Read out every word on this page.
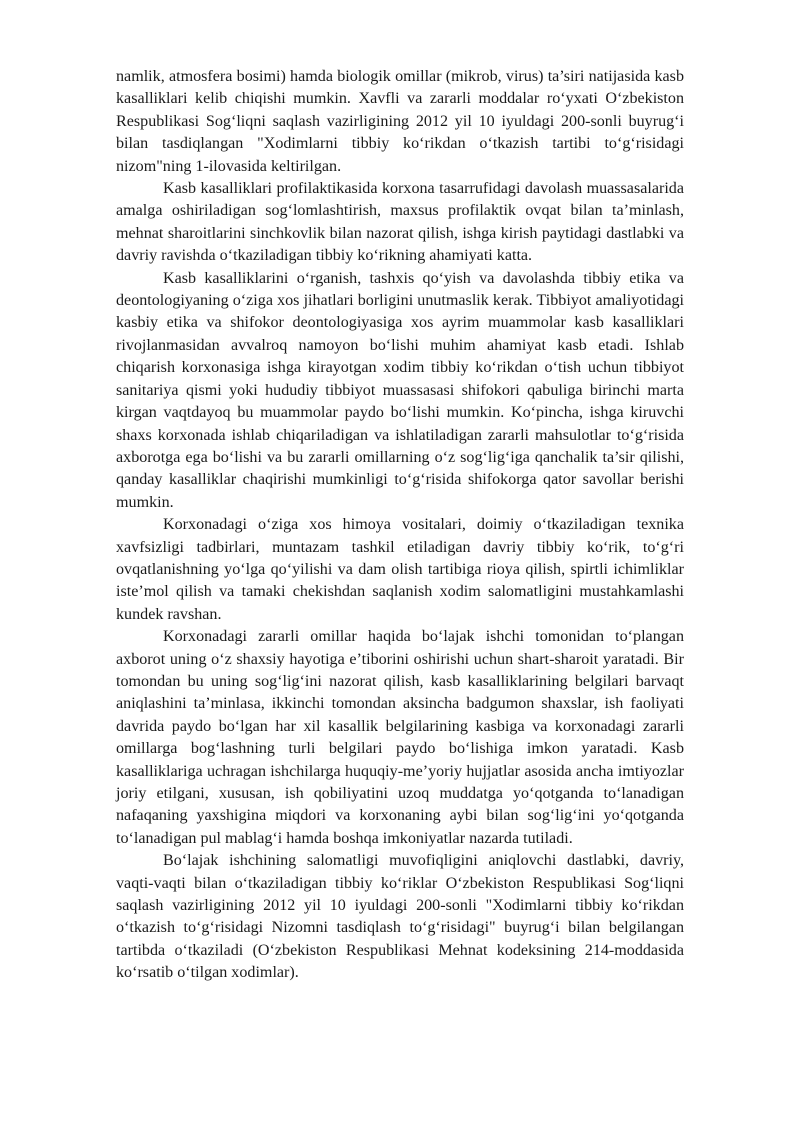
namlik, atmosfera bosimi) hamda biologik omillar (mikrob, virus) ta’siri natijasida kasb kasalliklari kelib chiqishi mumkin. Xavfli va zararli moddalar ro‘yxati O‘zbekiston Respublikasi Sog‘liqni saqlash vazirligining 2012 yil 10 iyuldagi 200-sonli buyrug‘i bilan tasdiqlangan "Xodimlarni tibbiy ko‘rikdan o‘tkazish tartibi to‘g‘risidagi nizom"ning 1-ilovasida keltirilgan.

Kasb kasalliklari profilaktikasida korxona tasarrufidagi davolash muassasalarida amalga oshiriladigan sog‘lomlashtirish, maxsus profilaktik ovqat bilan ta’minlash, mehnat sharoitlarini sinchkovlik bilan nazorat qilish, ishga kirish paytidagi dastlabki va davriy ravishda o‘tkaziladigan tibbiy ko‘rikning ahamiyati katta.

Kasb kasalliklarini o‘rganish, tashxis qo‘yish va davolashda tibbiy etika va deontologiyaning o‘ziga xos jihatlari borligini unutmaslik kerak. Tibbiyot amaliyotidagi kasbiy etika va shifokor deontologiyasiga xos ayrim muammolar kasb kasalliklari rivojlanmasidan avvalroq namoyon bo‘lishi muhim ahamiyat kasb etadi. Ishlab chiqarish korxonasiga ishga kirayotgan xodim tibbiy ko‘rikdan o‘tish uchun tibbiyot sanitariya qismi yoki hududiy tibbiyot muassasasi shifokori qabuliga birinchi marta kirgan vaqtdayoq bu muammolar paydo bo‘lishi mumkin. Ko‘pincha, ishga kiruvchi shaxs korxonada ishlab chiqariladigan va ishlatiladigan zararli mahsulotlar to‘g‘risida axborotga ega bo‘lishi va bu zararli omillarning o‘z sog‘lig‘iga qanchalik ta’sir qilishi, qanday kasalliklar chaqirishi mumkinligi to‘g‘risida shifokorga qator savollar berishi mumkin.

Korxonadagi o‘ziga xos himoya vositalari, doimiy o‘tkaziladigan texnika xavfsizligi tadbirlari, muntazam tashkil etiladigan davriy tibbiy ko‘rik, to‘g‘ri ovqatlanishning yo‘lga qo‘yilishi va dam olish tartibiga rioya qilish, spirtli ichimliklar iste’mol qilish va tamaki chekishdan saqlanish xodim salomatligini mustahkamlashi kundek ravshan.

Korxonadagi zararli omillar haqida bo‘lajak ishchi tomonidan to‘plangan axborot uning o‘z shaxsiy hayotiga e’tiborini oshirishi uchun shart-sharoit yaratadi. Bir tomondan bu uning sog‘lig‘ini nazorat qilish, kasb kasalliklarining belgilari barvaqt aniqlashini ta’minlasa, ikkinchi tomondan aksincha badgumon shaxslar, ish faoliyati davrida paydo bo‘lgan har xil kasallik belgilarining kasbiga va korxonadagi zararli omillarga bog‘lashning turli belgilari paydo bo‘lishiga imkon yaratadi. Kasb kasalliklariga uchragan ishchilarga huquqiy-me’yoriy hujjatlar asosida ancha imtiyozlar joriy etilgani, xususan, ish qobiliyatini uzoq muddatga yo‘qotganda to‘lanadigan nafaqaning yaxshigina miqdori va korxonaning aybi bilan sog‘lig‘ini yo‘qotganda to‘lanadigan pul mablag‘i hamda boshqa imkoniyatlar nazarda tutiladi.

Bo‘lajak ishchining salomatligi muvofiqligini aniqlovchi dastlabki, davriy, vaqti-vaqti bilan o‘tkaziladigan tibbiy ko‘riklar O‘zbekiston Respublikasi Sog‘liqni saqlash vazirligining 2012 yil 10 iyuldagi 200-sonli "Xodimlarni tibbiy ko‘rikdan o‘tkazish to‘g‘risidagi Nizomni tasdiqlash to‘g‘risidagi" buyrug‘i bilan belgilangan tartibda o‘tkaziladi (O‘zbekiston Respublikasi Mehnat kodeksining 214-moddasida ko‘rsatib o‘tilgan xodimlar).
